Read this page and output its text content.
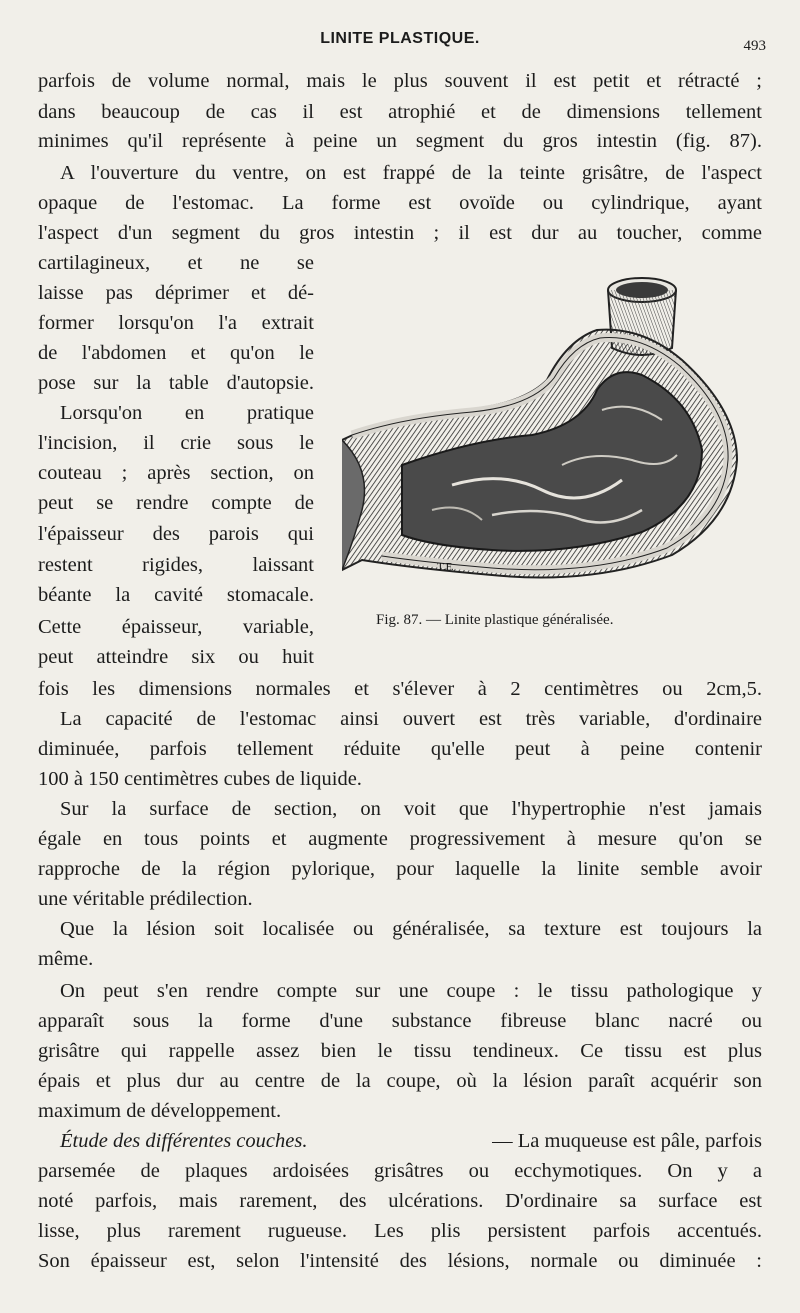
LINITE PLASTIQUE.	493
parfois de volume normal, mais le plus souvent il est petit et rétracté ;
dans beaucoup de cas il est atrophié et de dimensions tellement
minimes qu'il représente à peine un segment du gros intestin (fig. 87).
A l'ouverture du ventre, on est frappé de la teinte grisâtre, de l'aspect
opaque de l'estomac. La forme est ovoïde ou cylindrique, ayant
l'aspect d'un segment du gros intestin ; il est dur au toucher, comme
cartilagineux, et ne se
laisse pas déprimer et dé-
former lorsqu'on l'a extrait
de l'abdomen et qu'on le
pose sur la table d'autopsie.
Lorsqu'on en pratique
l'incision, il crie sous le
couteau ; après section, on
peut se rendre compte de
l'épaisseur des parois qui
restent rigides, laissant
béante la cavité stomacale.
Cette épaisseur, variable,
peut atteindre six ou huit
T.F.
Fig. 87. — Linite plastique généralisée.
fois les dimensions normales et s'élever à 2 centimètres ou 2cm,5.
La capacité de l'estomac ainsi ouvert est très variable, d'ordinaire
diminuée, parfois tellement réduite qu'elle peut à peine contenir
100 à 150 centimètres cubes de liquide.
Sur la surface de section, on voit que l'hypertrophie n'est jamais
égale en tous points et augmente progressivement à mesure qu'on se
rapproche de la région pylorique, pour laquelle la linite semble avoir
une véritable prédilection.
Que la lésion soit localisée ou généralisée, sa texture est toujours la
même.
On peut s'en rendre compte sur une coupe : le tissu pathologique y
apparaît sous la forme d'une substance fibreuse blanc nacré ou
grisâtre qui rappelle assez bien le tissu tendineux. Ce tissu est plus
épais et plus dur au centre de la coupe, où la lésion paraît acquérir son
maximum de développement.
Étude des différentes couches.	— La muqueuse est pâle, parfois
parsemée de plaques ardoisées grisâtres ou ecchymotiques. On y a
noté parfois, mais rarement, des ulcérations. D'ordinaire sa surface est
lisse, plus rarement rugueuse. Les plis persistent parfois accentués.
Son épaisseur est, selon l'intensité des lésions, normale ou diminuée :
